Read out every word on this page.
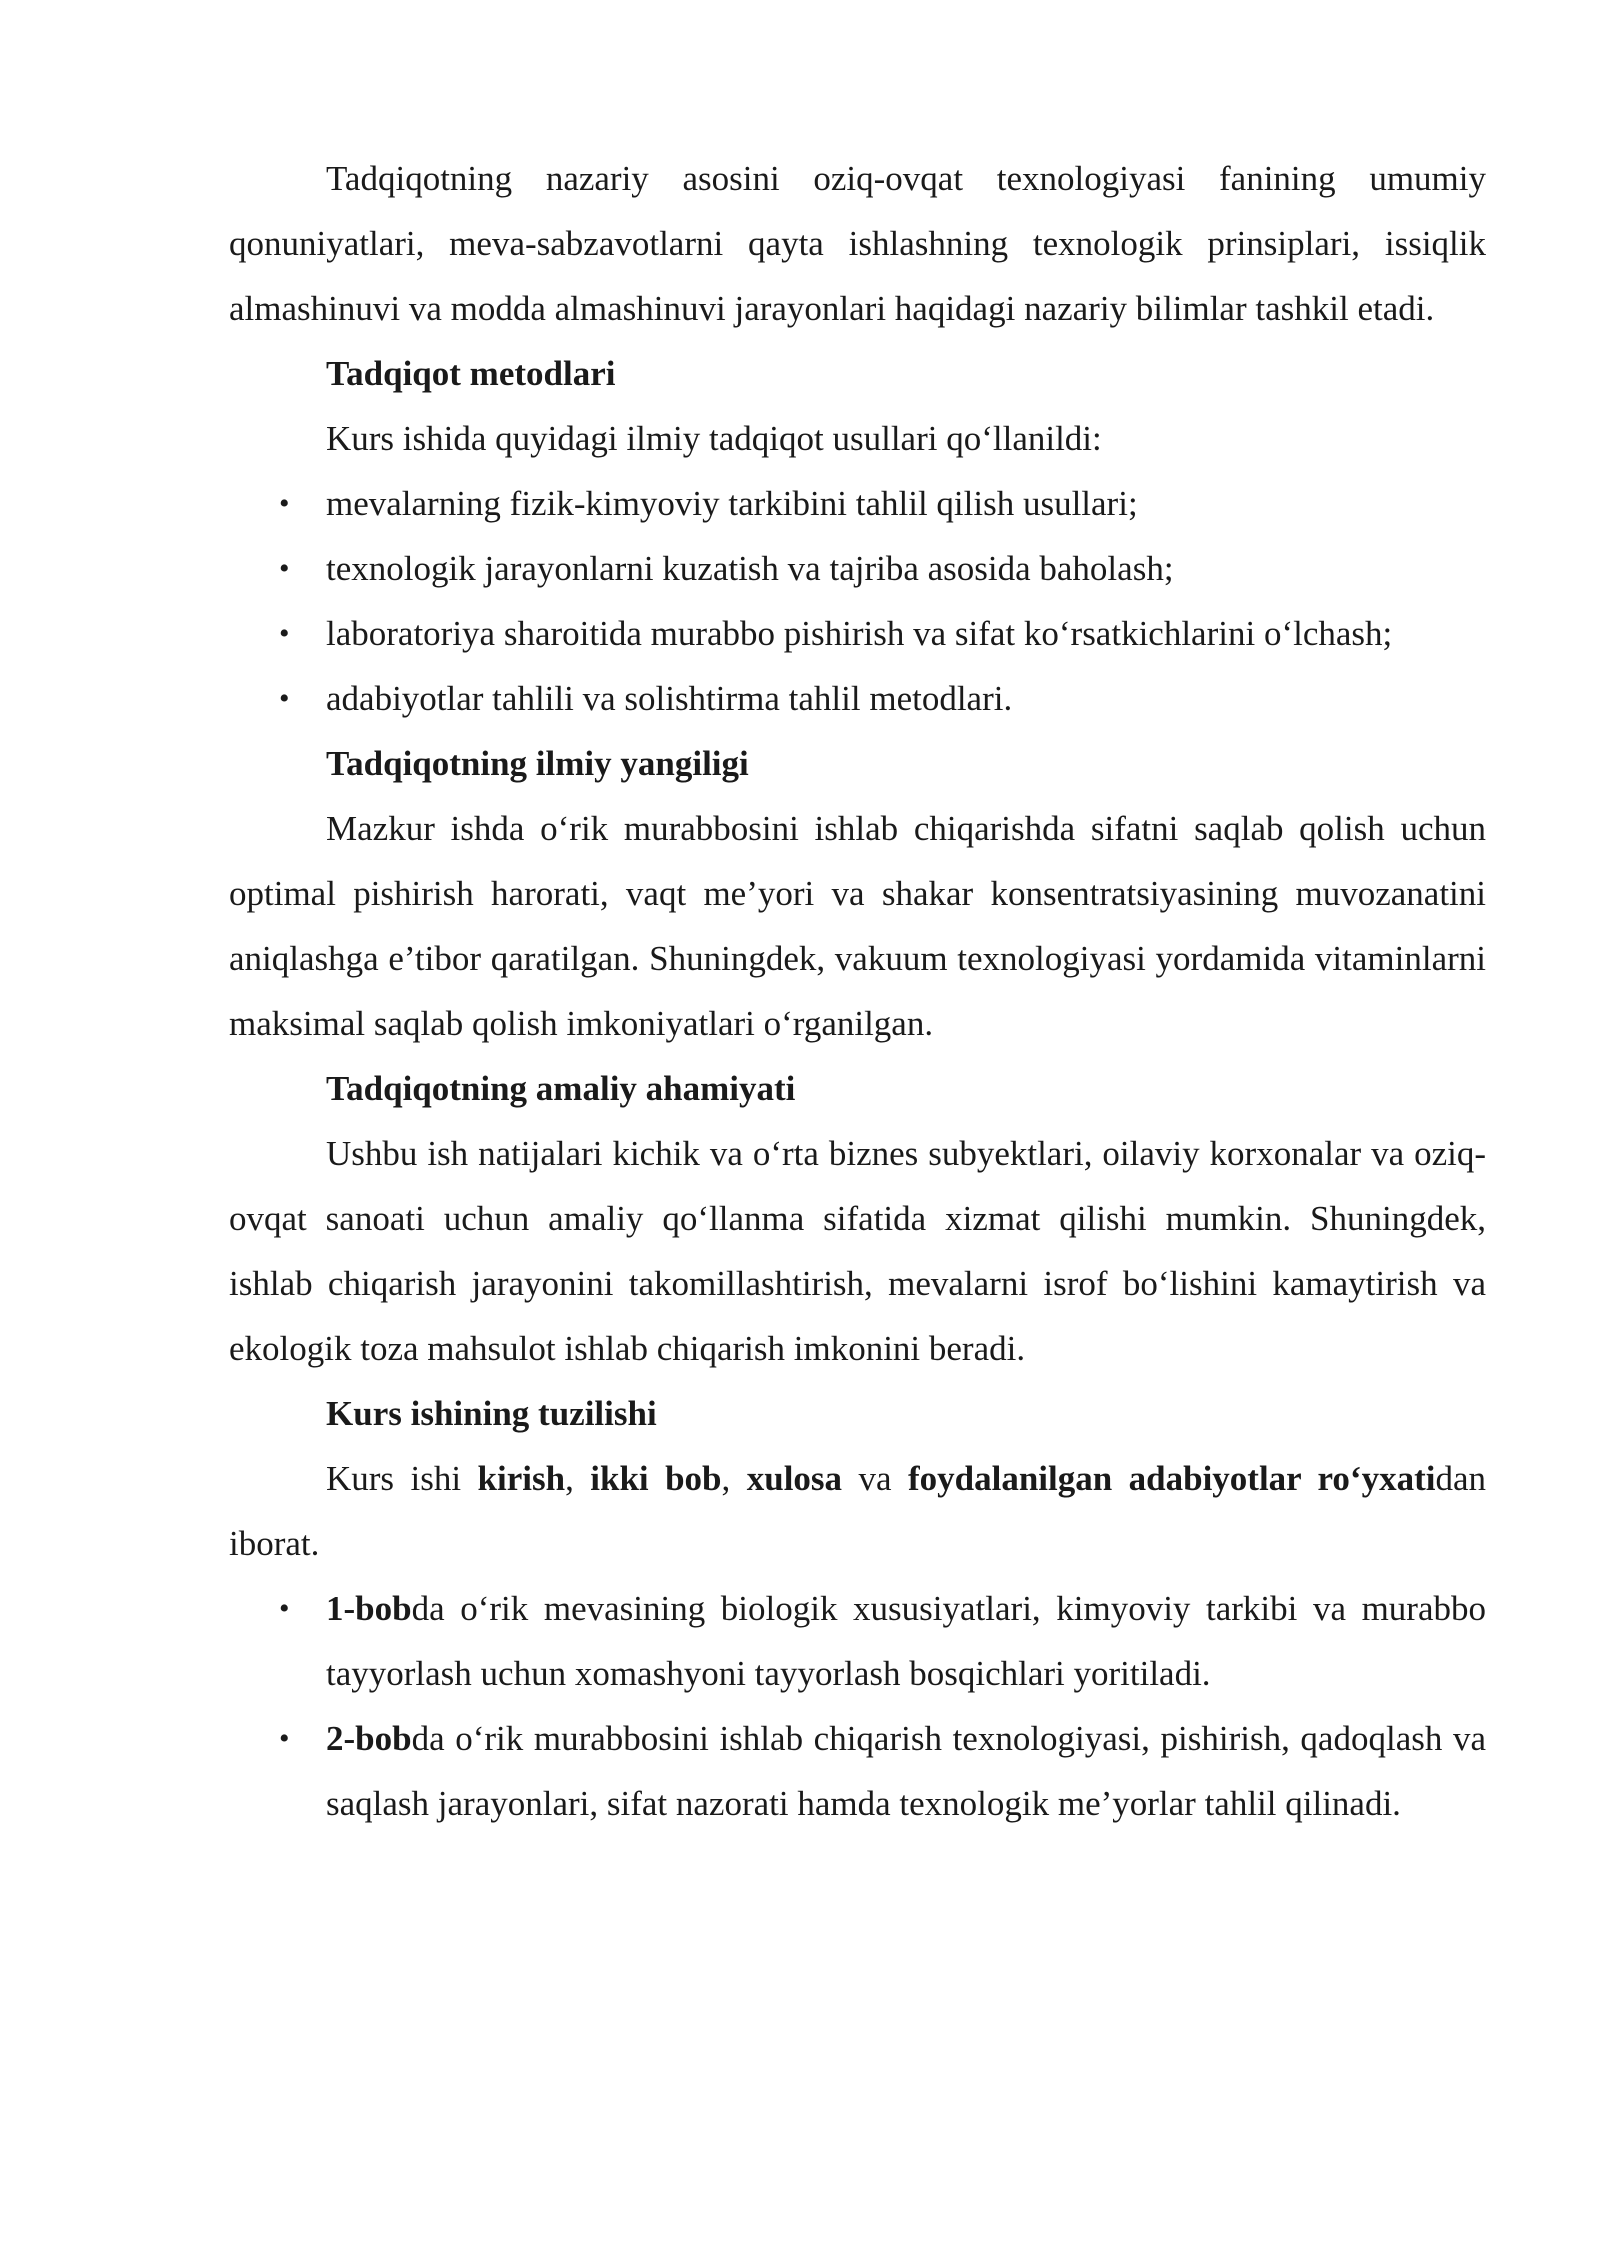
Tadqiqotning nazariy asosini oziq-ovqat texnologiyasi fanining umumiy qonuniyatlari, meva-sabzavotlarni qayta ishlashning texnologik prinsiplari, issiqlik almashinuvi va modda almashinuvi jarayonlari haqidagi nazariy bilimlar tashkil etadi.

Tadqiqot metodlari

Kurs ishida quyidagi ilmiy tadqiqot usullari qo‘llanildi:

• mevalarning fizik-kimyoviy tarkibini tahlil qilish usullari;
• texnologik jarayonlarni kuzatish va tajriba asosida baholash;
• laboratoriya sharoitida murabbo pishirish va sifat ko‘rsatkichlarini o‘lchash;
• adabiyotlar tahlili va solishtirma tahlil metodlari.

Tadqiqotning ilmiy yangiligi

Mazkur ishda o‘rik murabbosini ishlab chiqarishda sifatni saqlab qolish uchun optimal pishirish harorati, vaqt me’yori va shakar konsentratsiyasining muvozanatini aniqlashga e’tibor qaratilgan. Shuningdek, vakuum texnologiyasi yordamida vitaminlarni maksimal saqlab qolish imkoniyatlari o‘rganilgan.

Tadqiqotning amaliy ahamiyati

Ushbu ish natijalari kichik va o‘rta biznes subyektlari, oilaviy korxonalar va oziq-ovqat sanoati uchun amaliy qo‘llanma sifatida xizmat qilishi mumkin. Shuningdek, ishlab chiqarish jarayonini takomillashtirish, mevalarni isrof bo‘lishini kamaytirish va ekologik toza mahsulot ishlab chiqarish imkonini beradi.

Kurs ishining tuzilishi

Kurs ishi kirish, ikki bob, xulosa va foydalanilgan adabiyotlar ro‘yxatidan iborat.

• 1-bobda o‘rik mevasining biologik xususiyatlari, kimyoviy tarkibi va murabbo tayyorlash uchun xomashyoni tayyorlash bosqichlari yoritiladi.
• 2-bobda o‘rik murabbosini ishlab chiqarish texnologiyasi, pishirish, qadoqlash va saqlash jarayonlari, sifat nazorati hamda texnologik me’yorlar tahlil qilinadi.
